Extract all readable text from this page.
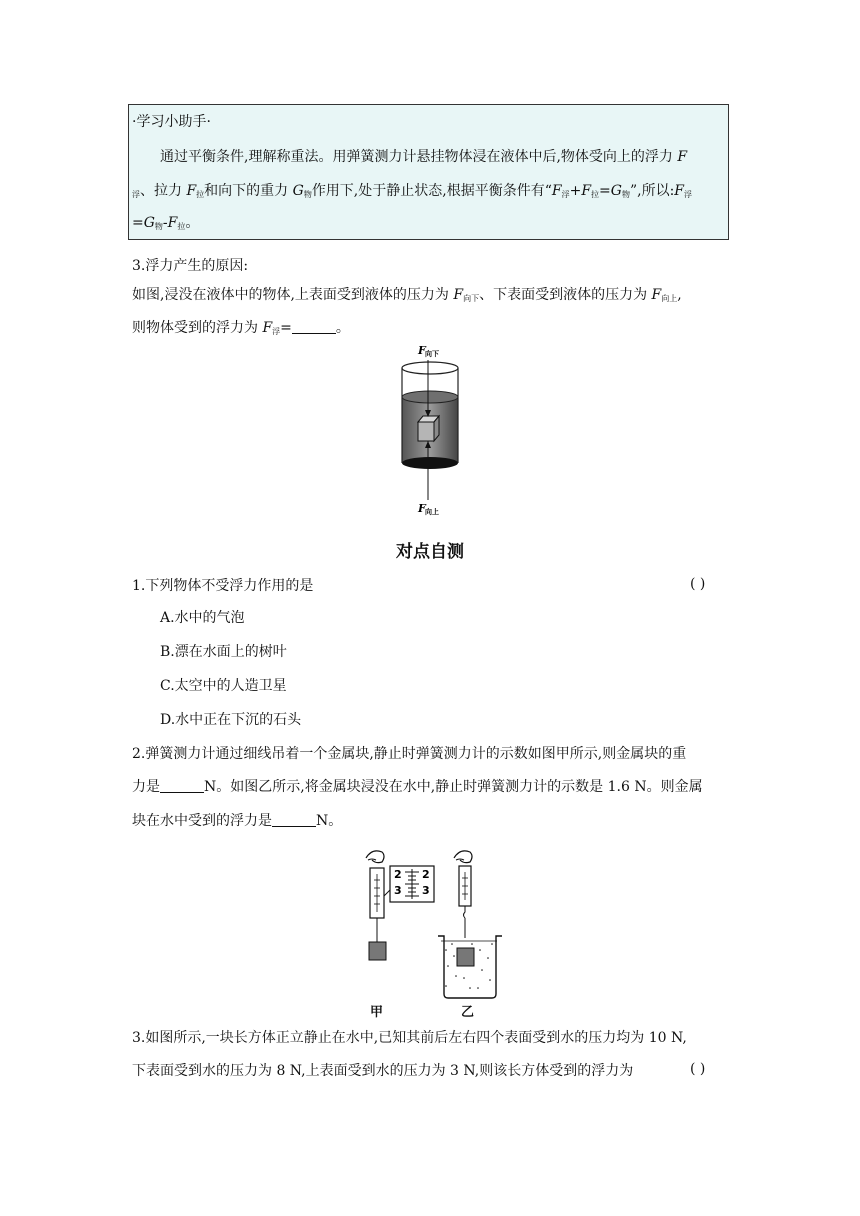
·学习小助手·
通过平衡条件,理解称重法。用弹簧测力计悬挂物体浸在液体中后,物体受向上的浮力 F
$_浮$、拉力 $F_拉$和向下的重力 $G_物$作用下,处于静止状态,根据平衡条件有“$F_浮+F_拉=G_物$”,所以$:F_浮$
$=G_物-F_拉$。
3.浮力产生的原因:
如图,浸没在液体中的物体,上表面受到液体的压力为 $F_{向下}$、下表面受到液体的压力为 $F_{向上}$,
则物体受到的浮力为 $F_浮=$	。
F 向下
F 向上
对点自测
1.下列物体不受浮力作用的是	( )
A.水中的气泡
B.漂在水面上的树叶
C.太空中的人造卫星
D.水中正在下沉的石头
2.弹簧测力计通过细线吊着一个金属块,静止时弹簧测力计的示数如图甲所示,则金属块的重
力是	N。如图乙所示,将金属块浸没在水中,静止时弹簧测力计的示数是 1.6 N。则金属
块在水中受到的浮力是	N。
2 2
3 3
甲	乙
3.如图所示,一块长方体正立静止在水中,已知其前后左右四个表面受到水的压力均为 10 N,
下表面受到水的压力为 8 N,上表面受到水的压力为 3 N,则该长方体受到的浮力为	( )
